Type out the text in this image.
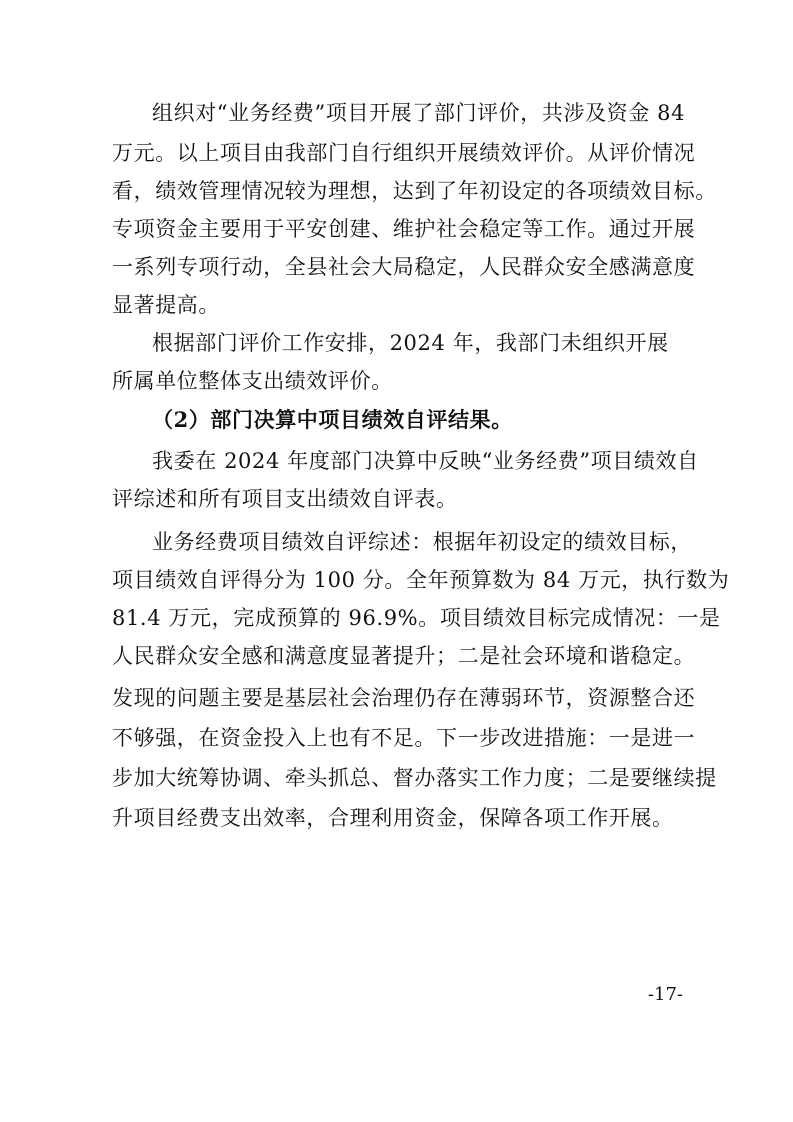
组织对“业务经费”项目开展了部门评价，共涉及资金 84
万元。以上项目由我部门自行组织开展绩效评价。从评价情况
看，绩效管理情况较为理想，达到了年初设定的各项绩效目标。
专项资金主要用于平安创建、维护社会稳定等工作。通过开展
一系列专项行动，全县社会大局稳定，人民群众安全感满意度
显著提高。
根据部门评价工作安排，2024 年，我部门未组织开展
所属单位整体支出绩效评价。
（2）部门决算中项目绩效自评结果。
我委在 2024 年度部门决算中反映“业务经费”项目绩效自
评综述和所有项目支出绩效自评表。
业务经费项目绩效自评综述：根据年初设定的绩效目标，
项目绩效自评得分为 100 分。全年预算数为 84 万元，执行数为
81.4 万元，完成预算的 96.9%。项目绩效目标完成情况：一是
人民群众安全感和满意度显著提升；二是社会环境和谐稳定。
发现的问题主要是基层社会治理仍存在薄弱环节，资源整合还
不够强，在资金投入上也有不足。下一步改进措施：一是进一
步加大统筹协调、牵头抓总、督办落实工作力度；二是要继续提
升项目经费支出效率，合理利用资金，保障各项工作开展。
-17-
